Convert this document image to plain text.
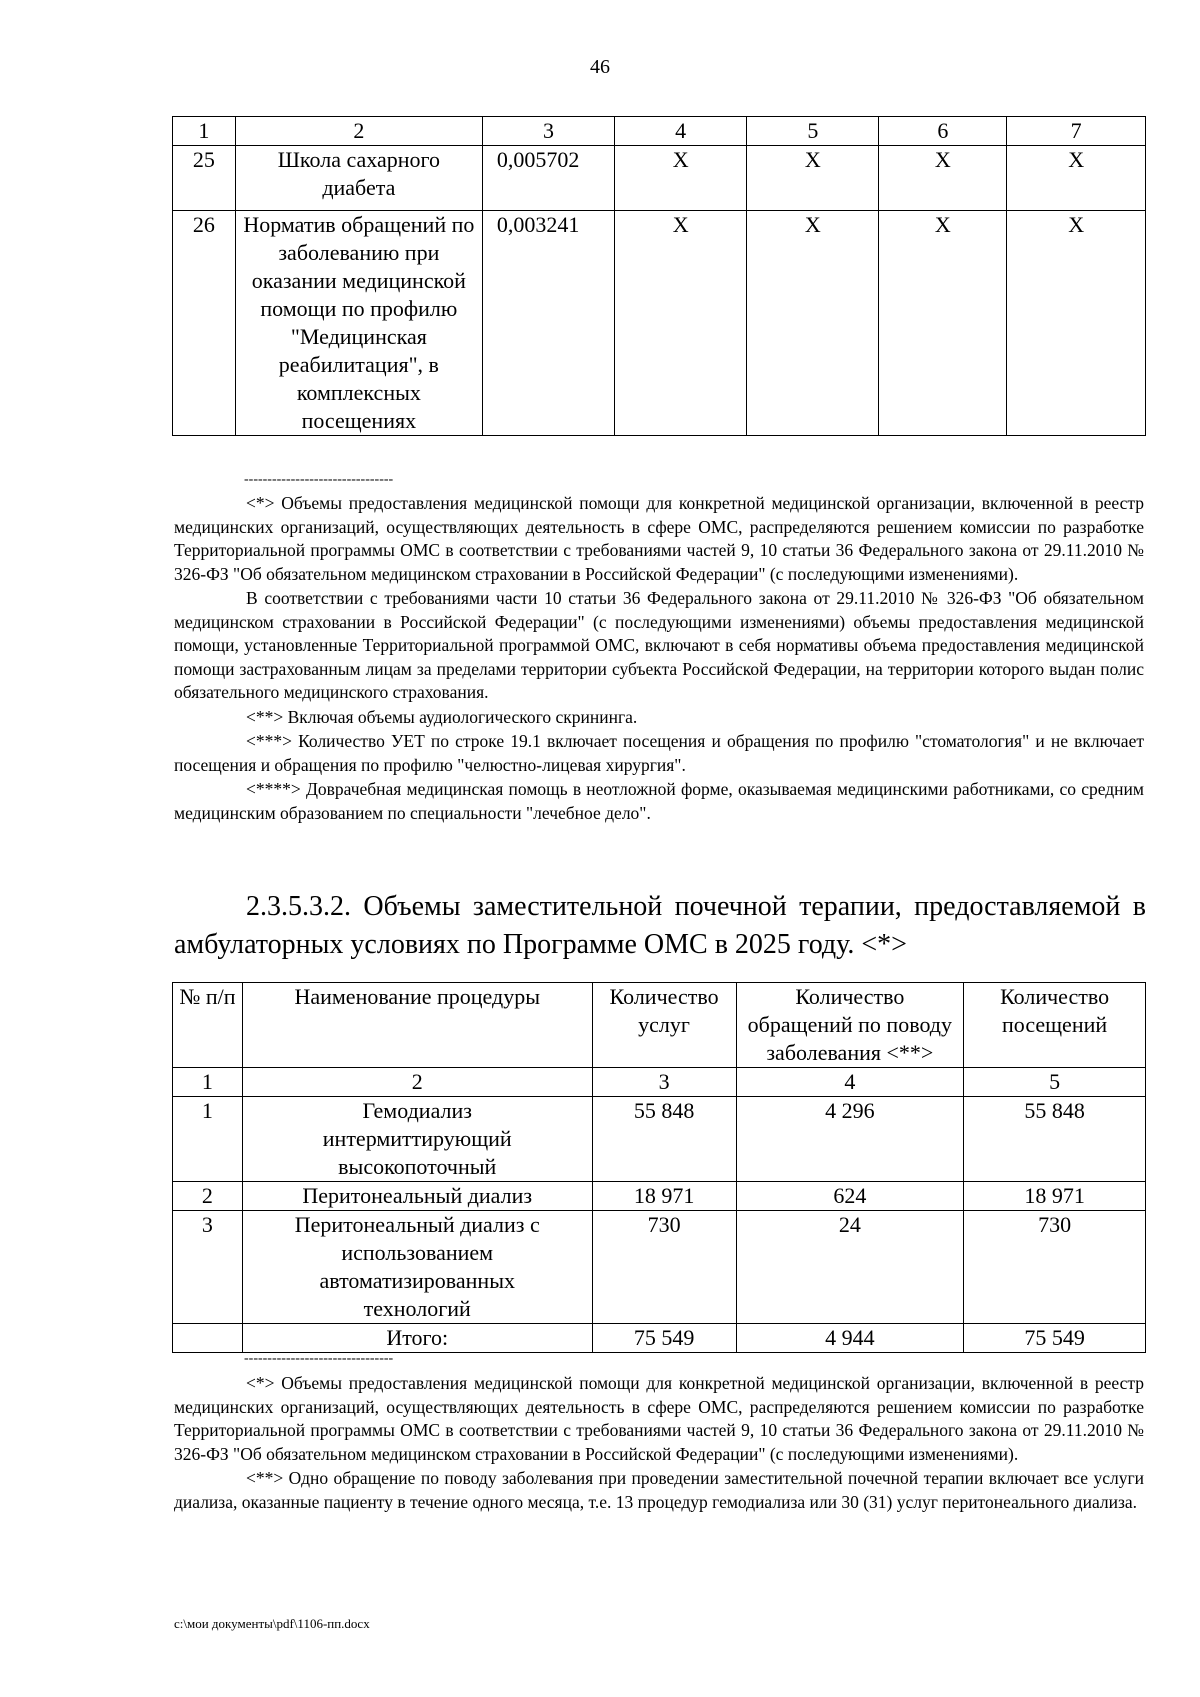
46
1	2	3	4	5	6	7
25	Школа сахарного диабета	0,005702	Х	Х	Х	Х
26	Норматив обращений по заболеванию при оказании медицинской помощи по профилю "Медицинская реабилитация", в комплексных посещениях	0,003241	Х	Х	Х	Х
--------------------------------

<*> Объемы предоставления медицинской помощи для конкретной медицинской организации, включенной в реестр медицинских организаций, осуществляющих деятельность в сфере ОМС, распределяются решением комиссии по разработке Территориальной программы ОМС в соответствии с требованиями частей 9, 10 статьи 36 Федерального закона от 29.11.2010 № 326-ФЗ "Об обязательном медицинском страховании в Российской Федерации" (с последующими изменениями).

В соответствии с требованиями части 10 статьи 36 Федерального закона от 29.11.2010 № 326-ФЗ "Об обязательном медицинском страховании в Российской Федерации" (с последующими изменениями) объемы предоставления медицинской помощи, установленные Территориальной программой ОМС, включают в себя нормативы объема предоставления медицинской помощи застрахованным лицам за пределами территории субъекта Российской Федерации, на территории которого выдан полис обязательного медицинского страхования.

<**> Включая объемы аудиологического скрининга.

<***> Количество УЕТ по строке 19.1 включает посещения и обращения по профилю "стоматология" и не включает посещения и обращения по профилю "челюстно-лицевая хирургия".

<****> Доврачебная медицинская помощь в неотложной форме, оказываемая медицинскими работниками, со средним медицинским образованием по специальности "лечебное дело".

2.3.5.3.2. Объемы заместительной почечной терапии, предоставляемой в амбулаторных условиях по Программе ОМС в 2025 году. <*>
№ п/п	Наименование процедуры	Количество услуг	Количество обращений по поводу заболевания <**>	Количество посещений
1	2	3	4	5
1	Гемодиализ интермиттирующий высокопоточный	55 848	4 296	55 848
2	Перитонеальный диализ	18 971	624	18 971
3	Перитонеальный диализ с использованием автоматизированных технологий	730	24	730
	Итого:	75 549	4 944	75 549
--------------------------------

<*> Объемы предоставления медицинской помощи для конкретной медицинской организации, включенной в реестр медицинских организаций, осуществляющих деятельность в сфере ОМС, распределяются решением комиссии по разработке Территориальной программы ОМС в соответствии с требованиями частей 9, 10 статьи 36 Федерального закона от 29.11.2010 № 326-ФЗ "Об обязательном медицинском страховании в Российской Федерации" (с последующими изменениями).

<**> Одно обращение по поводу заболевания при проведении заместительной почечной терапии включает все услуги диализа, оказанные пациенту в течение одного месяца, т.е. 13 процедур гемодиализа или 30 (31) услуг перитонеального диализа.

c:\мои документы\pdf\1106-пп.docx
